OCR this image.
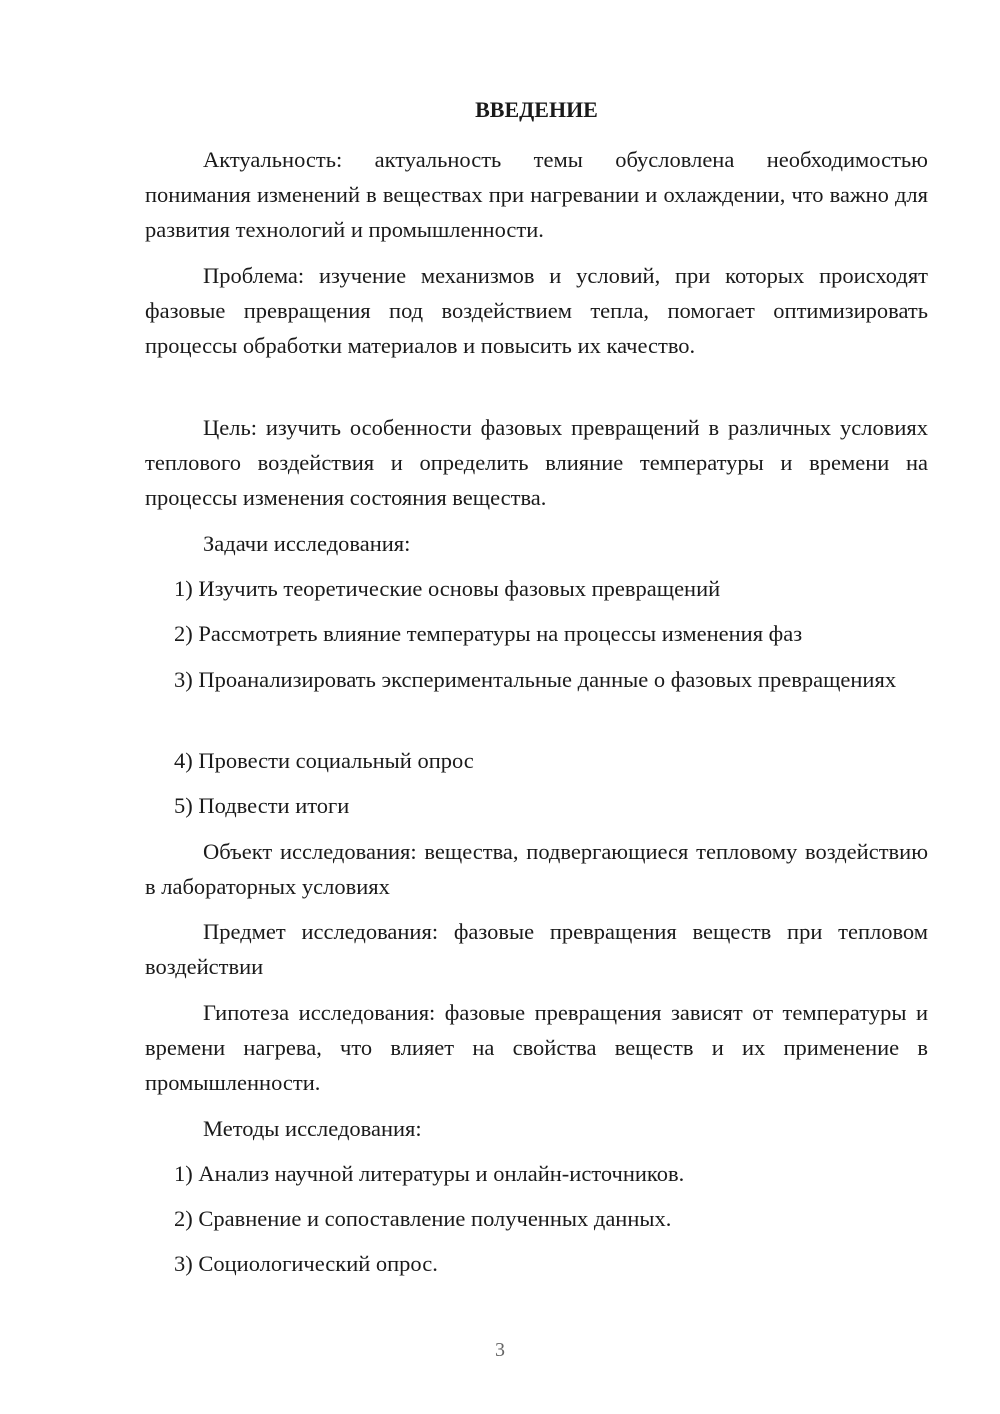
ВВЕДЕНИЕ

Актуальность: актуальность темы обусловлена необходимостью понимания изменений в веществах при нагревании и охлаждении, что важно для развития технологий и промышленности.

Проблема: изучение механизмов и условий, при которых происходят фазовые превращения под воздействием тепла, помогает оптимизировать процессы обработки материалов и повысить их качество.

Цель: изучить особенности фазовых превращений в различных условиях теплового воздействия и определить влияние температуры и времени на процессы изменения состояния вещества.

Задачи исследования:

1) Изучить теоретические основы фазовых превращений

2) Рассмотреть влияние температуры на процессы изменения фаз

3) Проанализировать экспериментальные данные о фазовых превращениях

4) Провести социальный опрос

5) Подвести итоги

Объект исследования: вещества, подвергающиеся тепловому воздействию в лабораторных условиях

Предмет исследования: фазовые превращения веществ при тепловом воздействии

Гипотеза исследования: фазовые превращения зависят от температуры и времени нагрева, что влияет на свойства веществ и их применение в промышленности.

Методы исследования:

1) Анализ научной литературы и онлайн-источников.

2) Сравнение и сопоставление полученных данных.

3) Социологический опрос.

3
